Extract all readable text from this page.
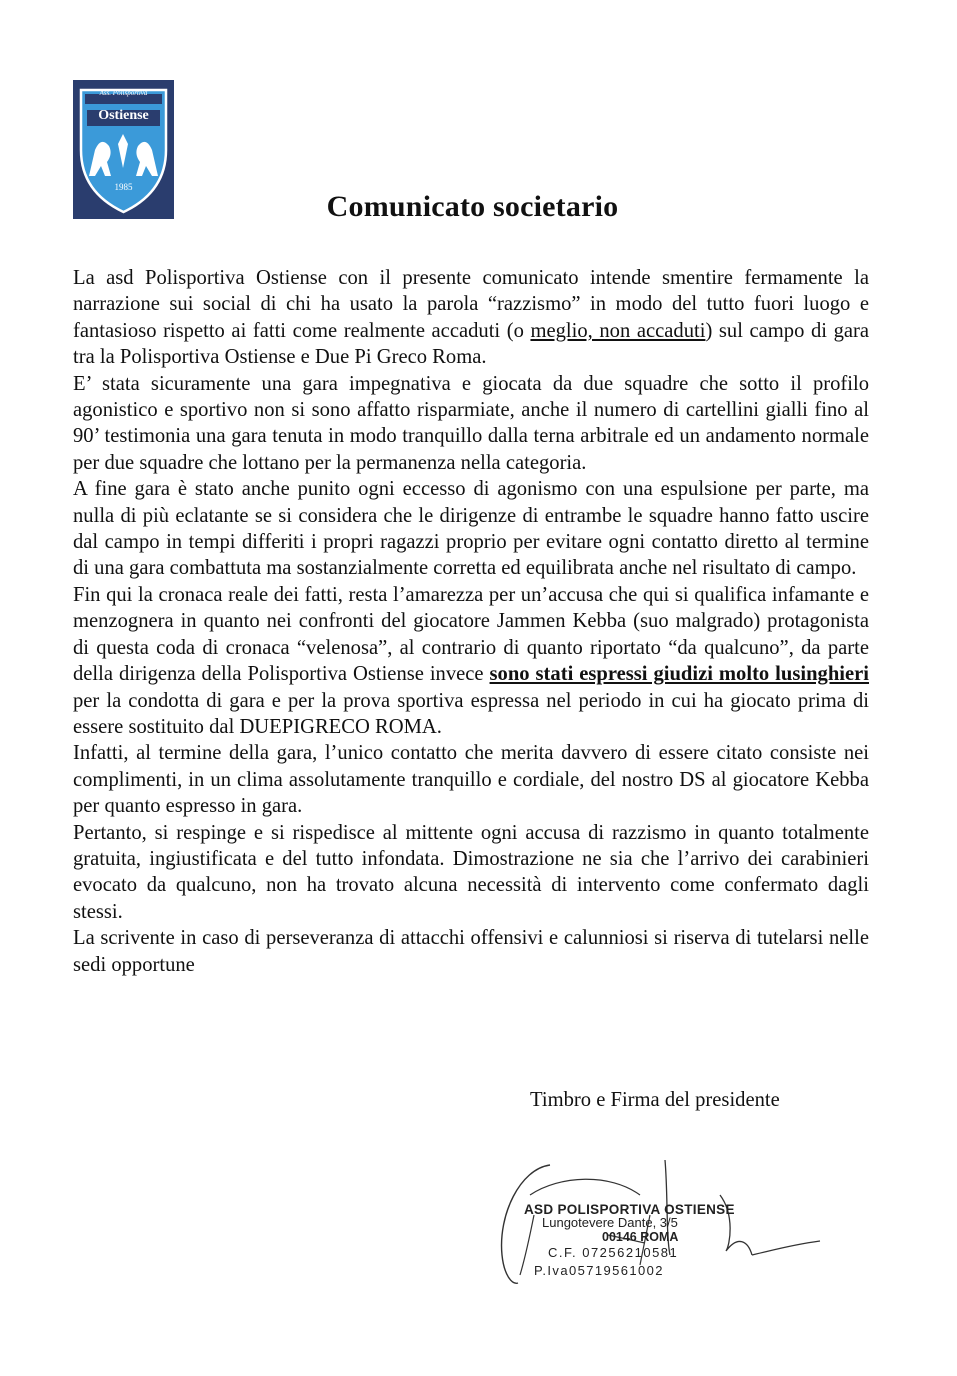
Ass. Polisportiva
Ostiense
1985
Comunicato societario

La asd Polisportiva Ostiense con il presente comunicato intende smentire fermamente la narrazione sui social di chi ha usato la parola “razzismo” in modo del tutto fuori luogo e fantasioso rispetto ai fatti come realmente accaduti (o meglio, non accaduti) sul campo di gara tra la Polisportiva Ostiense e Due Pi Greco Roma.

E’ stata sicuramente una gara impegnativa e giocata da due squadre che sotto il profilo agonistico e sportivo non si sono affatto risparmiate, anche il numero di cartellini gialli fino al 90’ testimonia una gara tenuta in modo tranquillo dalla terna arbitrale ed un andamento normale per due squadre che lottano per la permanenza nella categoria.

A fine gara è stato anche punito ogni eccesso di agonismo con una espulsione per parte, ma nulla di più eclatante se si considera che le dirigenze di entrambe le squadre hanno fatto uscire dal campo in tempi differiti i propri ragazzi proprio per evitare ogni contatto diretto al termine di una gara combattuta ma sostanzialmente corretta ed equilibrata anche nel risultato di campo.

Fin qui la cronaca reale dei fatti, resta l’amarezza per un’accusa che qui si qualifica infamante e menzognera in quanto nei confronti del giocatore Jammen Kebba (suo malgrado) protagonista di questa coda di cronaca “velenosa”, al contrario di quanto riportato “da qualcuno”, da parte della dirigenza della Polisportiva Ostiense invece sono stati espressi giudizi molto lusinghieri per la condotta di gara e per la prova sportiva espressa nel periodo in cui ha giocato prima di essere sostituito dal DUEPIGRECO ROMA.

Infatti, al termine della gara, l’unico contatto che merita davvero di essere citato consiste nei complimenti, in un clima assolutamente tranquillo e cordiale, del nostro DS al giocatore Kebba per quanto espresso in gara.

Pertanto, si respinge e si rispedisce al mittente ogni accusa di razzismo in quanto totalmente gratuita, ingiustificata e del tutto infondata. Dimostrazione ne sia che l’arrivo dei carabinieri evocato da qualcuno, non ha trovato alcuna necessità di intervento come confermato dagli stessi.

La scrivente in caso di perseveranza di attacchi offensivi e calunniosi si riserva di tutelarsi nelle sedi opportune

Timbro e Firma del presidente
ASD POLISPORTIVA OSTIENSE
Lungotevere Dante, 3/5
00146 ROMA
C.F. 07256210581
P.Iva05719561002
